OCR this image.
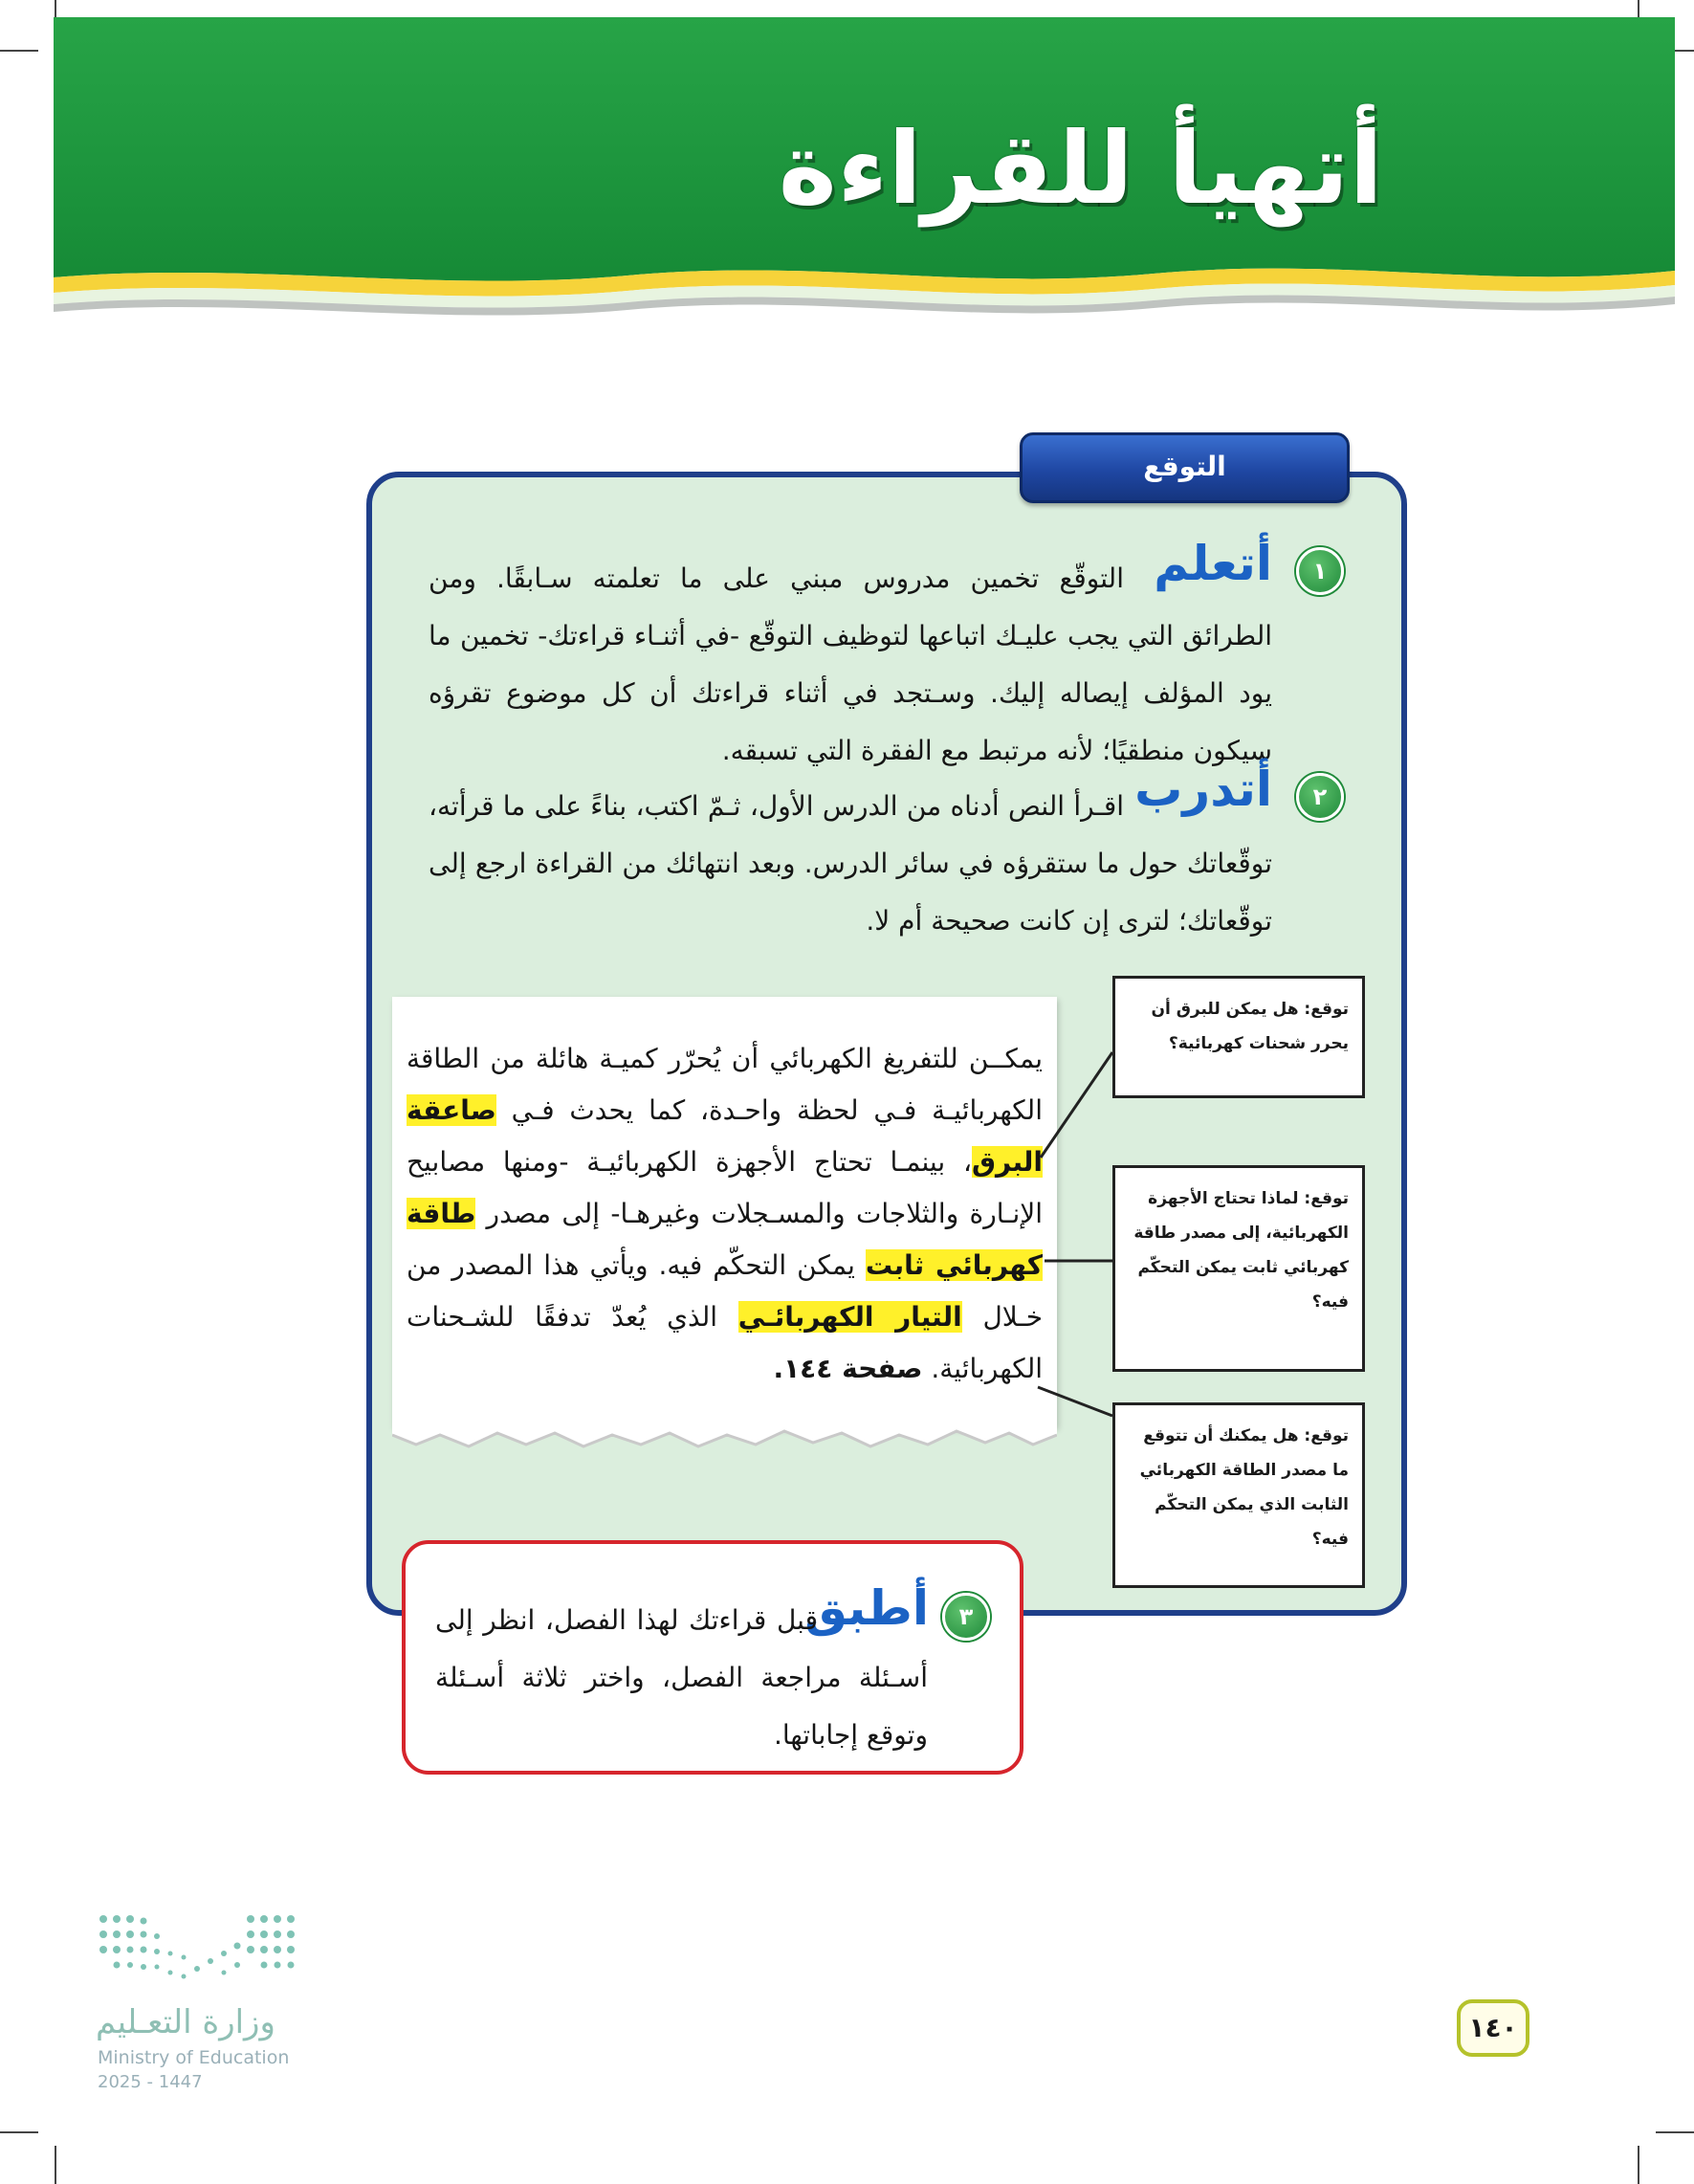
أتهيأ للقراءة
التوقع
١
أتعلم
التوقّع تخمين مدروس مبني على ما تعلمته سـابقًا. ومن الطرائق التي يجب عليـك اتباعها لتوظيف التوقّع -في أثنـاء قراءتك- تخمين ما يود المؤلف إيصاله إليك. وسـتجد في أثناء قراءتك أن كل موضوع تقرؤه سيكون منطقيًا؛ لأنه مرتبط مع الفقرة التي تسبقه.
٢
أتدرب
اقـرأ النص أدناه من الدرس الأول، ثـمّ اكتب، بناءً على ما قرأته، توقّعاتك حول ما ستقرؤه في سائر الدرس. وبعد انتهائك من القراءة ارجع إلى توقّعاتك؛ لترى إن كانت صحيحة أم لا.
يمكــن للتفريغ الكهربائي أن يُحرّر كميـة هائلة من الطاقة الكهربائيـة فـي لحظة واحـدة، كما يحدث فـي صاعقة البرق، بينمـا تحتاج الأجهزة الكهربائيـة -ومنها مصابيح الإنـارة والثلاجات والمسـجلات وغيرهـا- إلى مصدر طاقة كهربائي ثابت يمكن التحكّم فيه. ويأتي هذا المصدر من خـلال التيار الكهربائـي الذي يُعدّ تدفقًا للشـحنات الكهربائية. صفحة ١٤٤.
توقع: هل يمكن للبرق أن يحرر شحنات كهربائية؟
توقع: لماذا تحتاج الأجهزة الكهربائية، إلى مصدر طاقة كهربائي ثابت يمكن التحكّم فيه؟
توقع: هل يمكنك أن تتوقع ما مصدر الطاقة الكهربائي الثابت الذي يمكن التحكّم فيه؟
٣
أطبق
قبل قراءتك لهذا الفصل، انظر إلى أسـئلة مراجعة الفصل، واختر ثلاثة أسـئلة وتوقع إجاباتها.
وزارة التعـليم
Ministry of Education
2025 - 1447
١٤٠
